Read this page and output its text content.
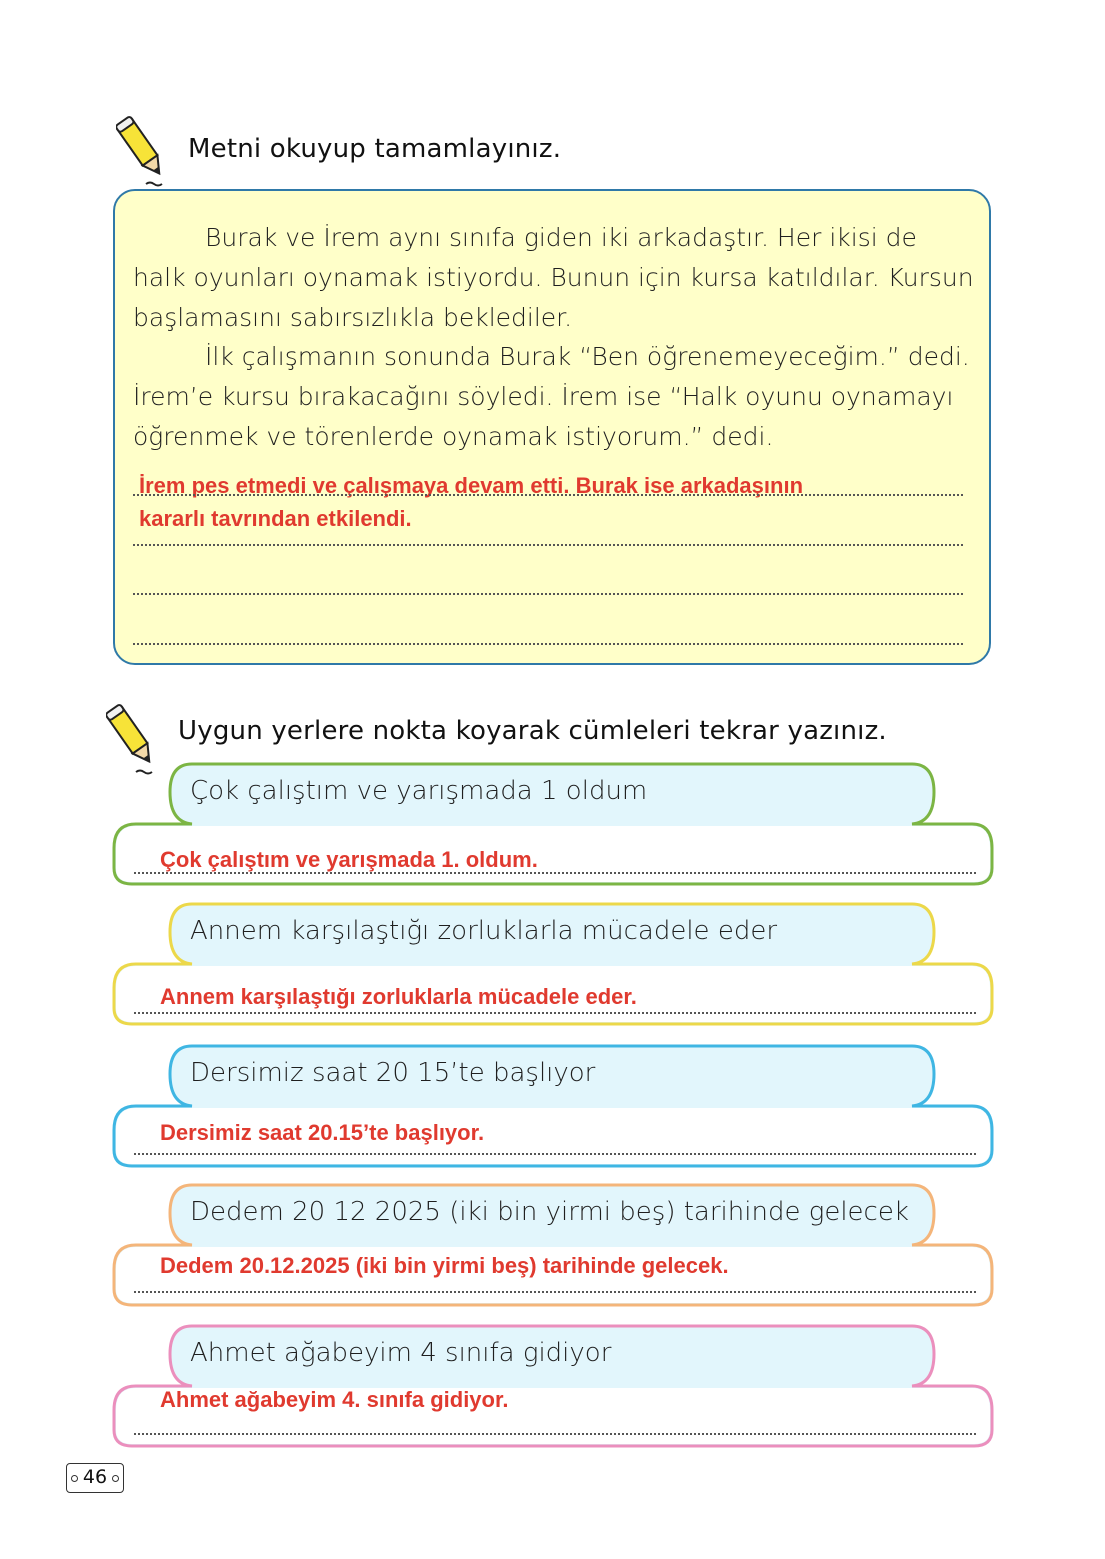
Metni okuyup tamamlayınız.
Burak ve İrem aynı sınıfa giden iki arkadaştır. Her ikisi de
halk oyunları oynamak istiyordu. Bunun için kursa katıldılar. Kursun
başlamasını sabırsızlıkla beklediler.
İlk çalışmanın sonunda Burak “Ben öğrenemeyeceğim.” dedi.
İrem’e kursu bırakacağını söyledi. İrem ise “Halk oyunu oynamayı
öğrenmek ve törenlerde oynamak istiyorum.” dedi.
İrem pes etmedi ve çalışmaya devam etti. Burak ise arkadaşının
kararlı tavrından etkilendi.
Uygun yerlere nokta koyarak cümleleri tekrar yazınız.
Çok çalıştım ve yarışmada 1 oldum
Çok çalıştım ve yarışmada 1. oldum.
Annem karşılaştığı zorluklarla mücadele eder
Annem karşılaştığı zorluklarla mücadele eder.
Dersimiz saat 20 15’te başlıyor
Dersimiz saat 20.15’te başlıyor.
Dedem 20 12 2025 (iki bin yirmi beş) tarihinde gelecek
Dedem 20.12.2025 (iki bin yirmi beş) tarihinde gelecek.
Ahmet ağabeyim 4 sınıfa gidiyor
Ahmet ağabeyim 4. sınıfa gidiyor.
46
